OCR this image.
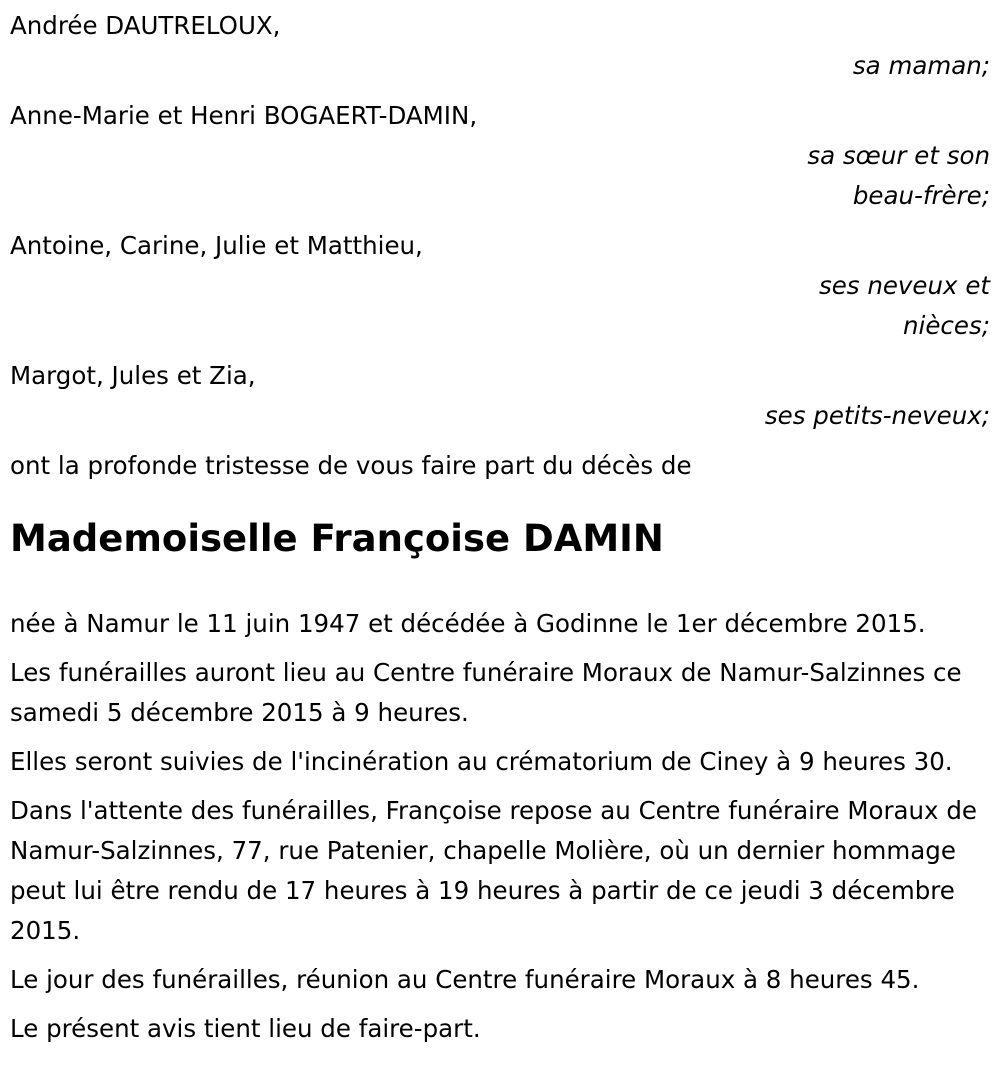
Andrée DAUTRELOUX,
sa maman;
Anne-Marie et Henri BOGAERT-DAMIN,
sa sœur et son
beau-frère;
Antoine, Carine, Julie et Matthieu,
ses neveux et
nièces;
Margot, Jules et Zia,
ses petits-neveux;
ont la profonde tristesse de vous faire part du décès de
Mademoiselle Françoise DAMIN
née à Namur le 11 juin 1947 et décédée à Godinne le 1er décembre 2015.
Les funérailles auront lieu au Centre funéraire Moraux de Namur-Salzinnes ce samedi 5 décembre 2015 à 9 heures.
Elles seront suivies de l'incinération au crématorium de Ciney à 9 heures 30.
Dans l'attente des funérailles, Françoise repose au Centre funéraire Moraux de Namur-Salzinnes, 77, rue Patenier, chapelle Molière, où un dernier hommage peut lui être rendu de 17 heures à 19 heures à partir de ce jeudi 3 décembre 2015.
Le jour des funérailles, réunion au Centre funéraire Moraux à 8 heures 45.
Le présent avis tient lieu de faire-part.
